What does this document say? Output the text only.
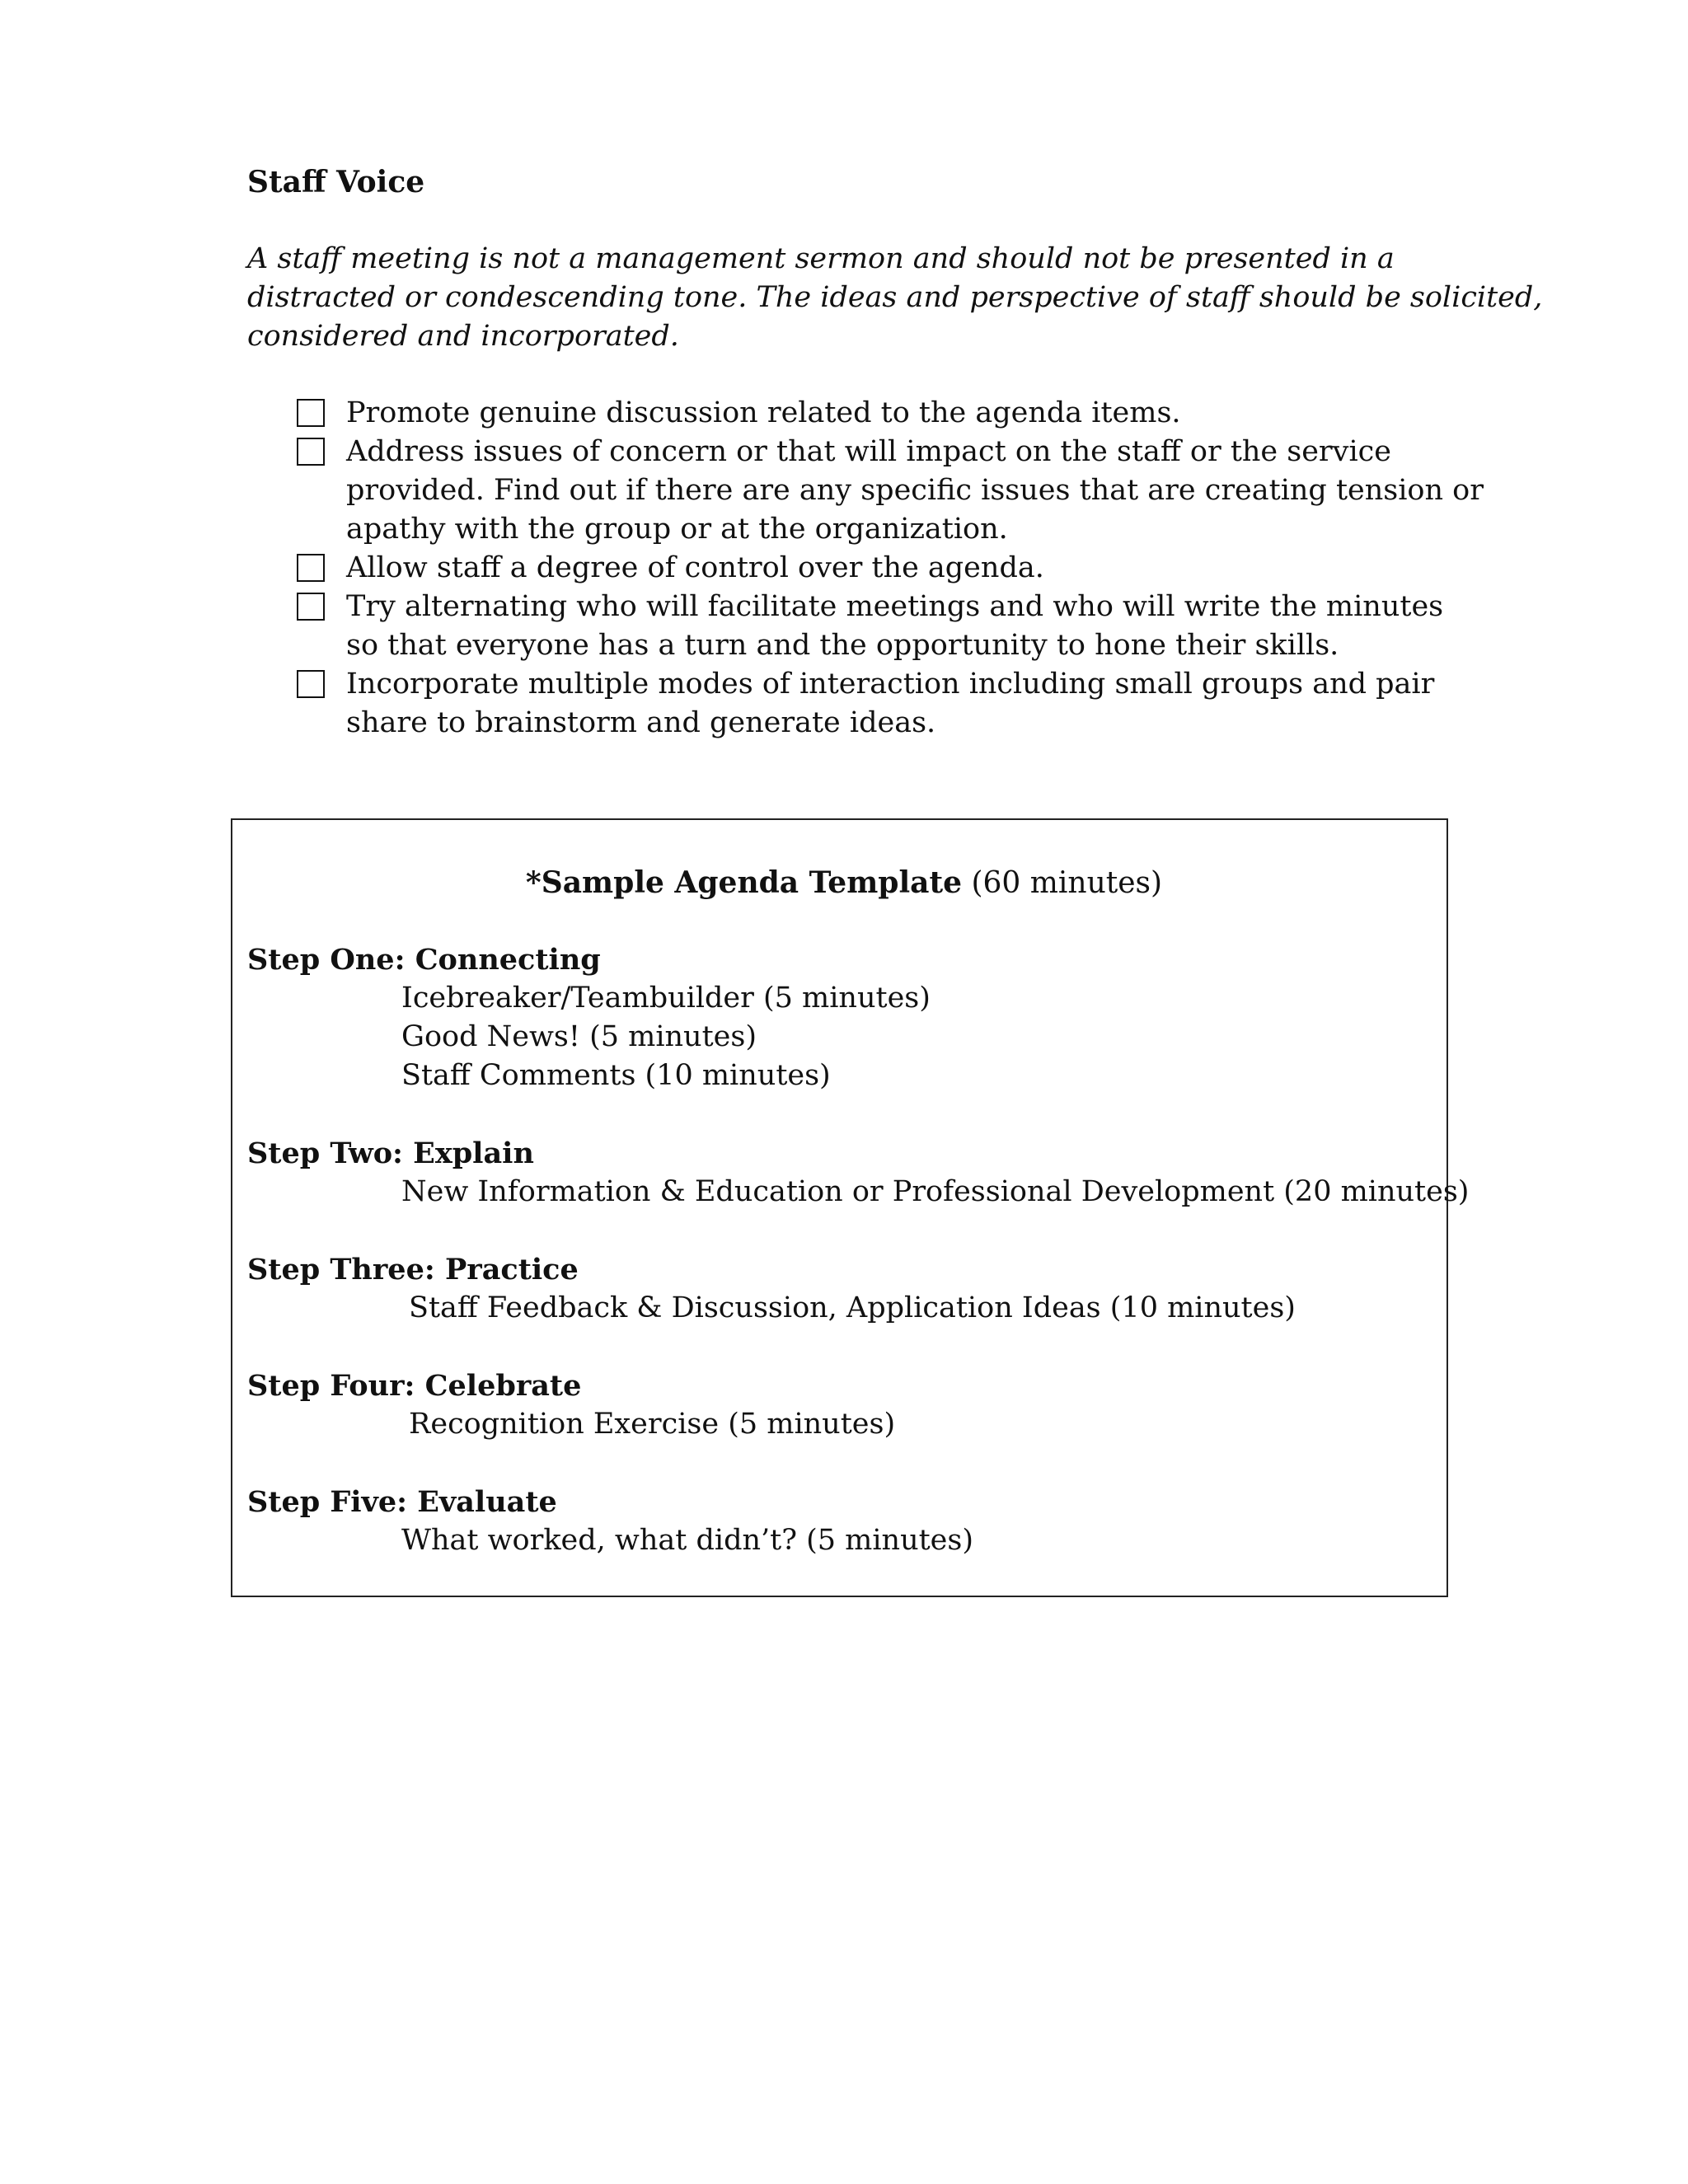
Staff Voice
A staff meeting is not a management sermon and should not be presented in a
distracted or condescending tone. The ideas and perspective of staff should be solicited,
considered and incorporated.
Promote genuine discussion related to the agenda items.
Address issues of concern or that will impact on the staff or the service
provided. Find out if there are any specific issues that are creating tension or
apathy with the group or at the organization.
Allow staff a degree of control over the agenda.
Try alternating who will facilitate meetings and who will write the minutes
so that everyone has a turn and the opportunity to hone their skills.
Incorporate multiple modes of interaction including small groups and pair
share to brainstorm and generate ideas.
*Sample Agenda Template (60 minutes)
Step One: Connecting
Icebreaker/Teambuilder (5 minutes)
Good News! (5 minutes)
Staff Comments (10 minutes)
Step Two: Explain
New Information & Education or Professional Development (20 minutes)
Step Three: Practice
Staff Feedback & Discussion, Application Ideas (10 minutes)
Step Four: Celebrate
Recognition Exercise (5 minutes)
Step Five: Evaluate
What worked, what didn’t? (5 minutes)
